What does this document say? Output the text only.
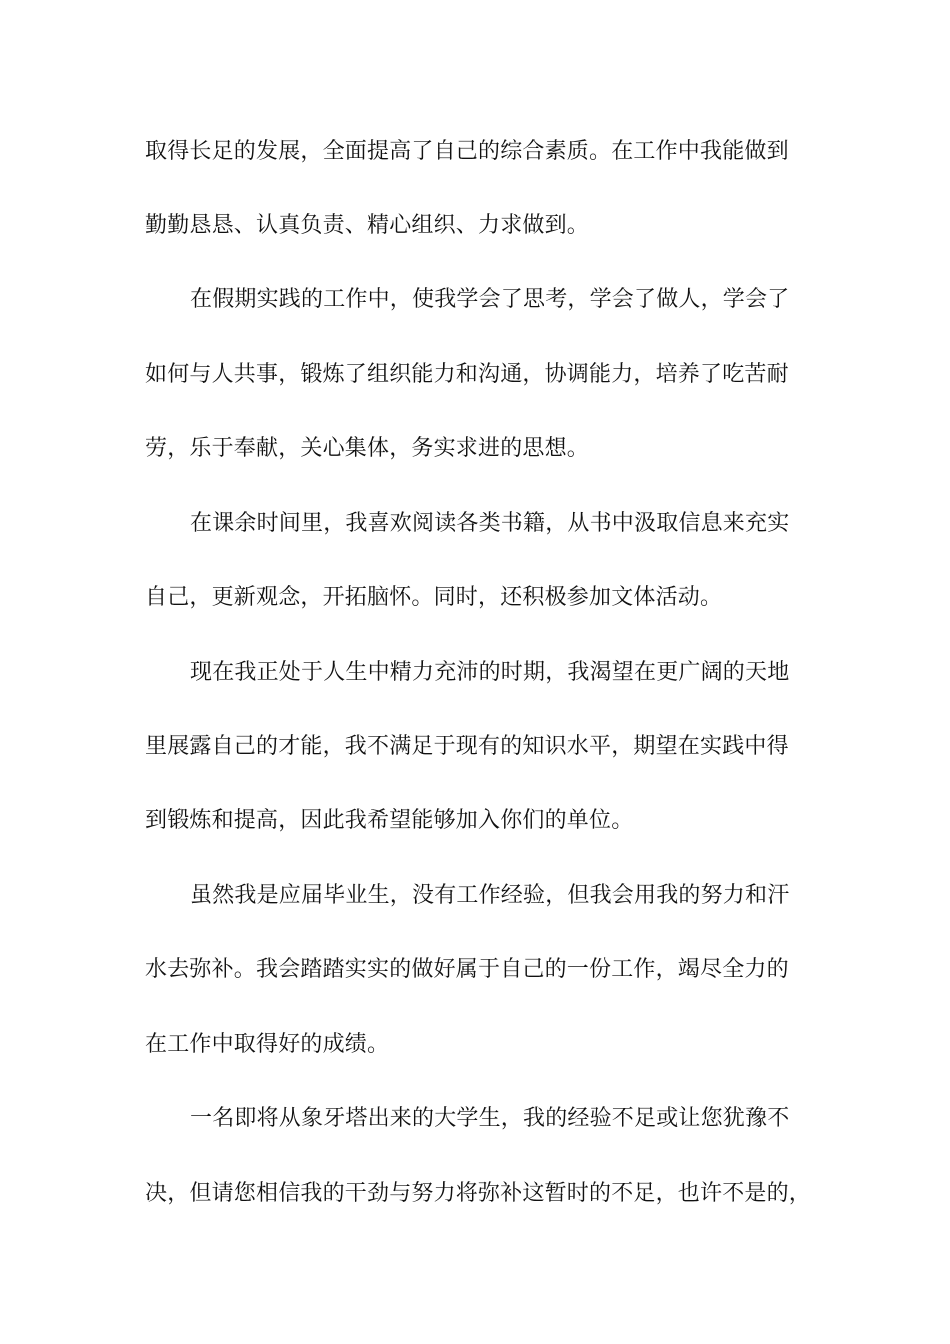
取得长足的发展，全面提高了自己的综合素质。在工作中我能做到
勤勤恳恳、认真负责、精心组织、力求做到。
在假期实践的工作中，使我学会了思考，学会了做人，学会了
如何与人共事，锻炼了组织能力和沟通，协调能力，培养了吃苦耐
劳，乐于奉献，关心集体，务实求进的思想。
在课余时间里，我喜欢阅读各类书籍，从书中汲取信息来充实
自己，更新观念，开拓脑怀。同时，还积极参加文体活动。
现在我正处于人生中精力充沛的时期，我渴望在更广阔的天地
里展露自己的才能，我不满足于现有的知识水平，期望在实践中得
到锻炼和提高，因此我希望能够加入你们的单位。
虽然我是应届毕业生，没有工作经验，但我会用我的努力和汗
水去弥补。我会踏踏实实的做好属于自己的一份工作，竭尽全力的
在工作中取得好的成绩。
一名即将从象牙塔出来的大学生，我的经验不足或让您犹豫不
决，但请您相信我的干劲与努力将弥补这暂时的不足，也许不是的，
